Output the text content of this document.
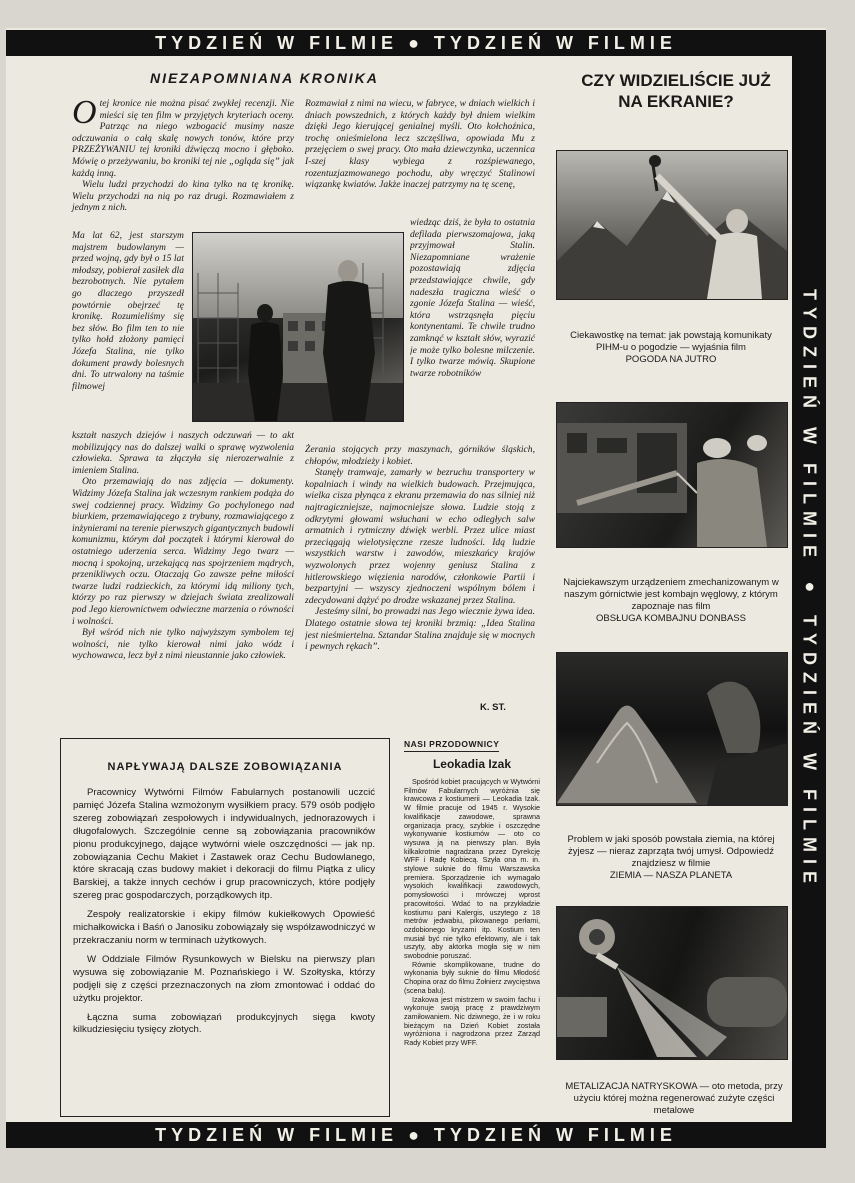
TYDZIEŃ W FILMIE ● TYDZIEŃ W FILMIE
TYDZIEŃ W FILMIE ● TYDZIEŃ W FILMIE
TYDZIEŃ W FILMIE ● TYDZIEŃ W FILMIE
NIEZAPOMNIANA KRONIKA
Otej kronice nie można pisać zwykłej recenzji. Nie mieści się ten film w przyjętych kryteriach oceny. Patrząc na niego wzbogacić musimy nasze odczuwania o całą skalę nowych tonów, które przy PRZEŻYWANIU tej kroniki dźwięczą mocno i głęboko. Mówię o przeżywaniu, bo kroniki tej nie „ogląda się” jak każdą inną.
Wielu ludzi przychodzi do kina tylko na tę kronikę. Wielu przychodzi na nią po raz drugi. Rozmawiałem z jednym z nich.
Ma lat 62, jest starszym majstrem budowlanym — przed wojną, gdy był o 15 lat młodszy, pobierał zasiłek dla bezrobotnych. Nie pytałem go dlaczego przyszedł powtórnie obejrzeć tę kronikę. Rozumieliśmy się bez słów. Bo film ten to nie tylko hołd złożony pamięci Józefa Stalina, nie tylko dokument prawdy bolesnych dni. To utrwalony na taśmie filmowej
kształt naszych dziejów i naszych odczuwań — to akt mobilizujący nas do dalszej walki o sprawę wyzwolenia człowieka. Sprawa ta złączyła się nierozerwalnie z imieniem Stalina.
Oto przemawiają do nas zdjęcia — dokumenty. Widzimy Józefa Stalina jak wczesnym rankiem podąża do swej codziennej pracy. Widzimy Go pochylonego nad biurkiem, przemawiającego z trybuny, rozmawiającego z inżynierami na terenie pierwszych gigantycznych budowli komunizmu, którym dał początek i którymi kierował do ostatniego uderzenia serca. Widzimy Jego twarz — mocną i spokojną, urzekającą nas spojrzeniem mądrych, przenikliwych oczu. Otaczają Go zawsze pełne miłości twarze ludzi radzieckich, za którymi idą miliony tych, którzy po raz pierwszy w dziejach świata zrealizowali pod Jego kierownictwem odwieczne marzenia o równości i wolności.
Był wśród nich nie tylko najwyższym symbolem tej wolności, nie tylko kierował nimi jako wódz i wychowawca, lecz był z nimi nieustannie jako człowiek.
Rozmawiał z nimi na wiecu, w fabryce, w dniach wielkich i dniach powszednich, z których każdy był dniem wielkim dzięki Jego kierującej genialnej myśli. Oto kołchoźnica, trochę onieśmielona lecz szczęśliwa, opowiada Mu z przejęciem o swej pracy. Oto mała dziewczynka, uczennica I-szej klasy wybiega z rozśpiewanego, rozentuzjazmowanego pochodu, aby wręczyć Stalinowi wiązankę kwiatów. Jakże inaczej patrzymy na tę scenę,
wiedząc dziś, że była to ostatnia defilada pierwszomajowa, jaką przyjmował Stalin. Niezapomniane wrażenie pozostawiają zdjęcia przedstawiające chwile, gdy nadeszła tragiczna wieść o zgonie Józefa Stalina — wieść, która wstrząsnęła pięciu kontynentami. Te chwile trudno zamknąć w kształt słów, wyrazić je może tylko bolesne milczenie. I tylko twarze mówią. Skupione twarze robotników
Żerania stojących przy maszynach, górników śląskich, chłopów, młodzieży i kobiet.
Stanęły tramwaje, zamarły w bezruchu transportery w kopalniach i windy na wielkich budowach. Przejmująca, wielka cisza płynąca z ekranu przemawia do nas silniej niż najtragiczniejsze, najmocniejsze słowa. Ludzie stoją z odkrytymi głowami wsłuchani w echo odległych salw armatnich i rytmiczny dźwięk werbli. Przez ulice miast przeciągają wielotysięczne rzesze ludności. Idą ludzie wszystkich warstw i zawodów, mieszkańcy krajów wyzwolonych przez wojenny geniusz Stalina z hitlerowskiego więzienia narodów, członkowie Partii i bezpartyjni — wszyscy zjednoczeni wspólnym bólem i zdecydowani dążyć po drodze wskazanej przez Stalina.
Jesteśmy silni, bo prowadzi nas Jego wiecznie żywa idea. Dlatego ostatnie słowa tej kroniki brzmią: „Idea Stalina jest nieśmiertelna. Sztandar Stalina znajduje się w mocnych i pewnych rękach”.
K. ST.
NAPŁYWAJĄ DALSZE ZOBOWIĄZANIA
Pracownicy Wytwórni Filmów Fabularnych postanowili uczcić pamięć Józefa Stalina wzmożonym wysiłkiem pracy. 579 osób podjęło szereg zobowiązań zespołowych i indywidualnych, jednorazowych i długofalowych. Szczególnie cenne są zobowiązania pracowników pionu produkcyjnego, dające wytwórni wiele oszczędności — jak np. zobowiązania Cechu Makiet i Zastawek oraz Cechu Budowlanego, które skracają czas budowy makiet i dekoracji do filmu Piątka z ulicy Barskiej, a także innych cechów i grup pracowniczych, które podjęły szereg prac gospodarczych, porządkowych itp.
Zespoły realizatorskie i ekipy filmów kukiełkowych Opowieść michałkowicka i Baśń o Janosiku zobowiązały się współzawodniczyć w przekraczaniu norm w terminach użytkowych.
W Oddziale Filmów Rysunkowych w Bielsku na pierwszy plan wysuwa się zobowiązanie M. Poznańskiego i W. Szołtyska, którzy podjęli się z części przeznaczonych na złom zmontować i oddać do użytku projektor.
Łączna suma zobowiązań produkcyjnych sięga kwoty kilkudziesięciu tysięcy złotych.
NASI PRZODOWNICY
Leokadia Izak
Spośród kobiet pracujących w Wytwórni Filmów Fabularnych wyróżnia się krawcowa z kostiumerii — Leokadia Izak. W filmie pracuje od 1945 r. Wysokie kwalifikacje zawodowe, sprawna organizacja pracy, szybkie i oszczędne wykonywanie kostiumów — oto co wysuwa ją na pierwszy plan. Była kilkakrotnie nagradzana przez Dyrekcję WFF i Radę Kobiecą. Szyła ona m. in. stylowe suknie do filmu Warszawska premiera. Sporządzenie ich wymagało wysokich kwalifikacji zawodowych, pomysłowości i mrówczej wprost pracowitości. Wdać to na przykładzie kostiumu pani Kalergis, uszytego z 18 metrów jedwabiu, pikowanego perłami, ozdobionego kryzami itp. Kostium ten musiał być nie tylko efektowny, ale i tak uszyty, aby aktorka mogła się w nim swobodnie poruszać.
Równie skomplikowane, trudne do wykonania były suknie do filmu Młodość Chopina oraz do filmu Żołnierz zwycięstwa (scena balu).
Izakowa jest mistrzem w swoim fachu i wykonuje swoją pracę z prawdziwym zamiłowaniem. Nic dziwnego, że i w roku bieżącym na Dzień Kobiet została wyróżniona i nagrodzona przez Zarząd Rady Kobiet przy WFF.
CZY WIDZIELIŚCIE JUŻ
NA EKRANIE?
Ciekawostkę na temat: jak powstają komunikaty PIHM-u o pogodzie — wyjaśnia film
POGODA NA JUTRO
Najciekawszym urządzeniem zmechanizowanym w naszym górnictwie jest kombajn węglowy, z którym zapoznaje nas film
OBSŁUGA KOMBAJNU DONBASS
Problem w jaki sposób powstała ziemia, na której żyjesz — nieraz zaprząta twój umysł. Odpowiedź znajdziesz w filmie
ZIEMIA — NASZA PLANETA
METALIZACJA NATRYSKOWA — oto metoda, przy użyciu której można regenerować zużyte części metalowe
